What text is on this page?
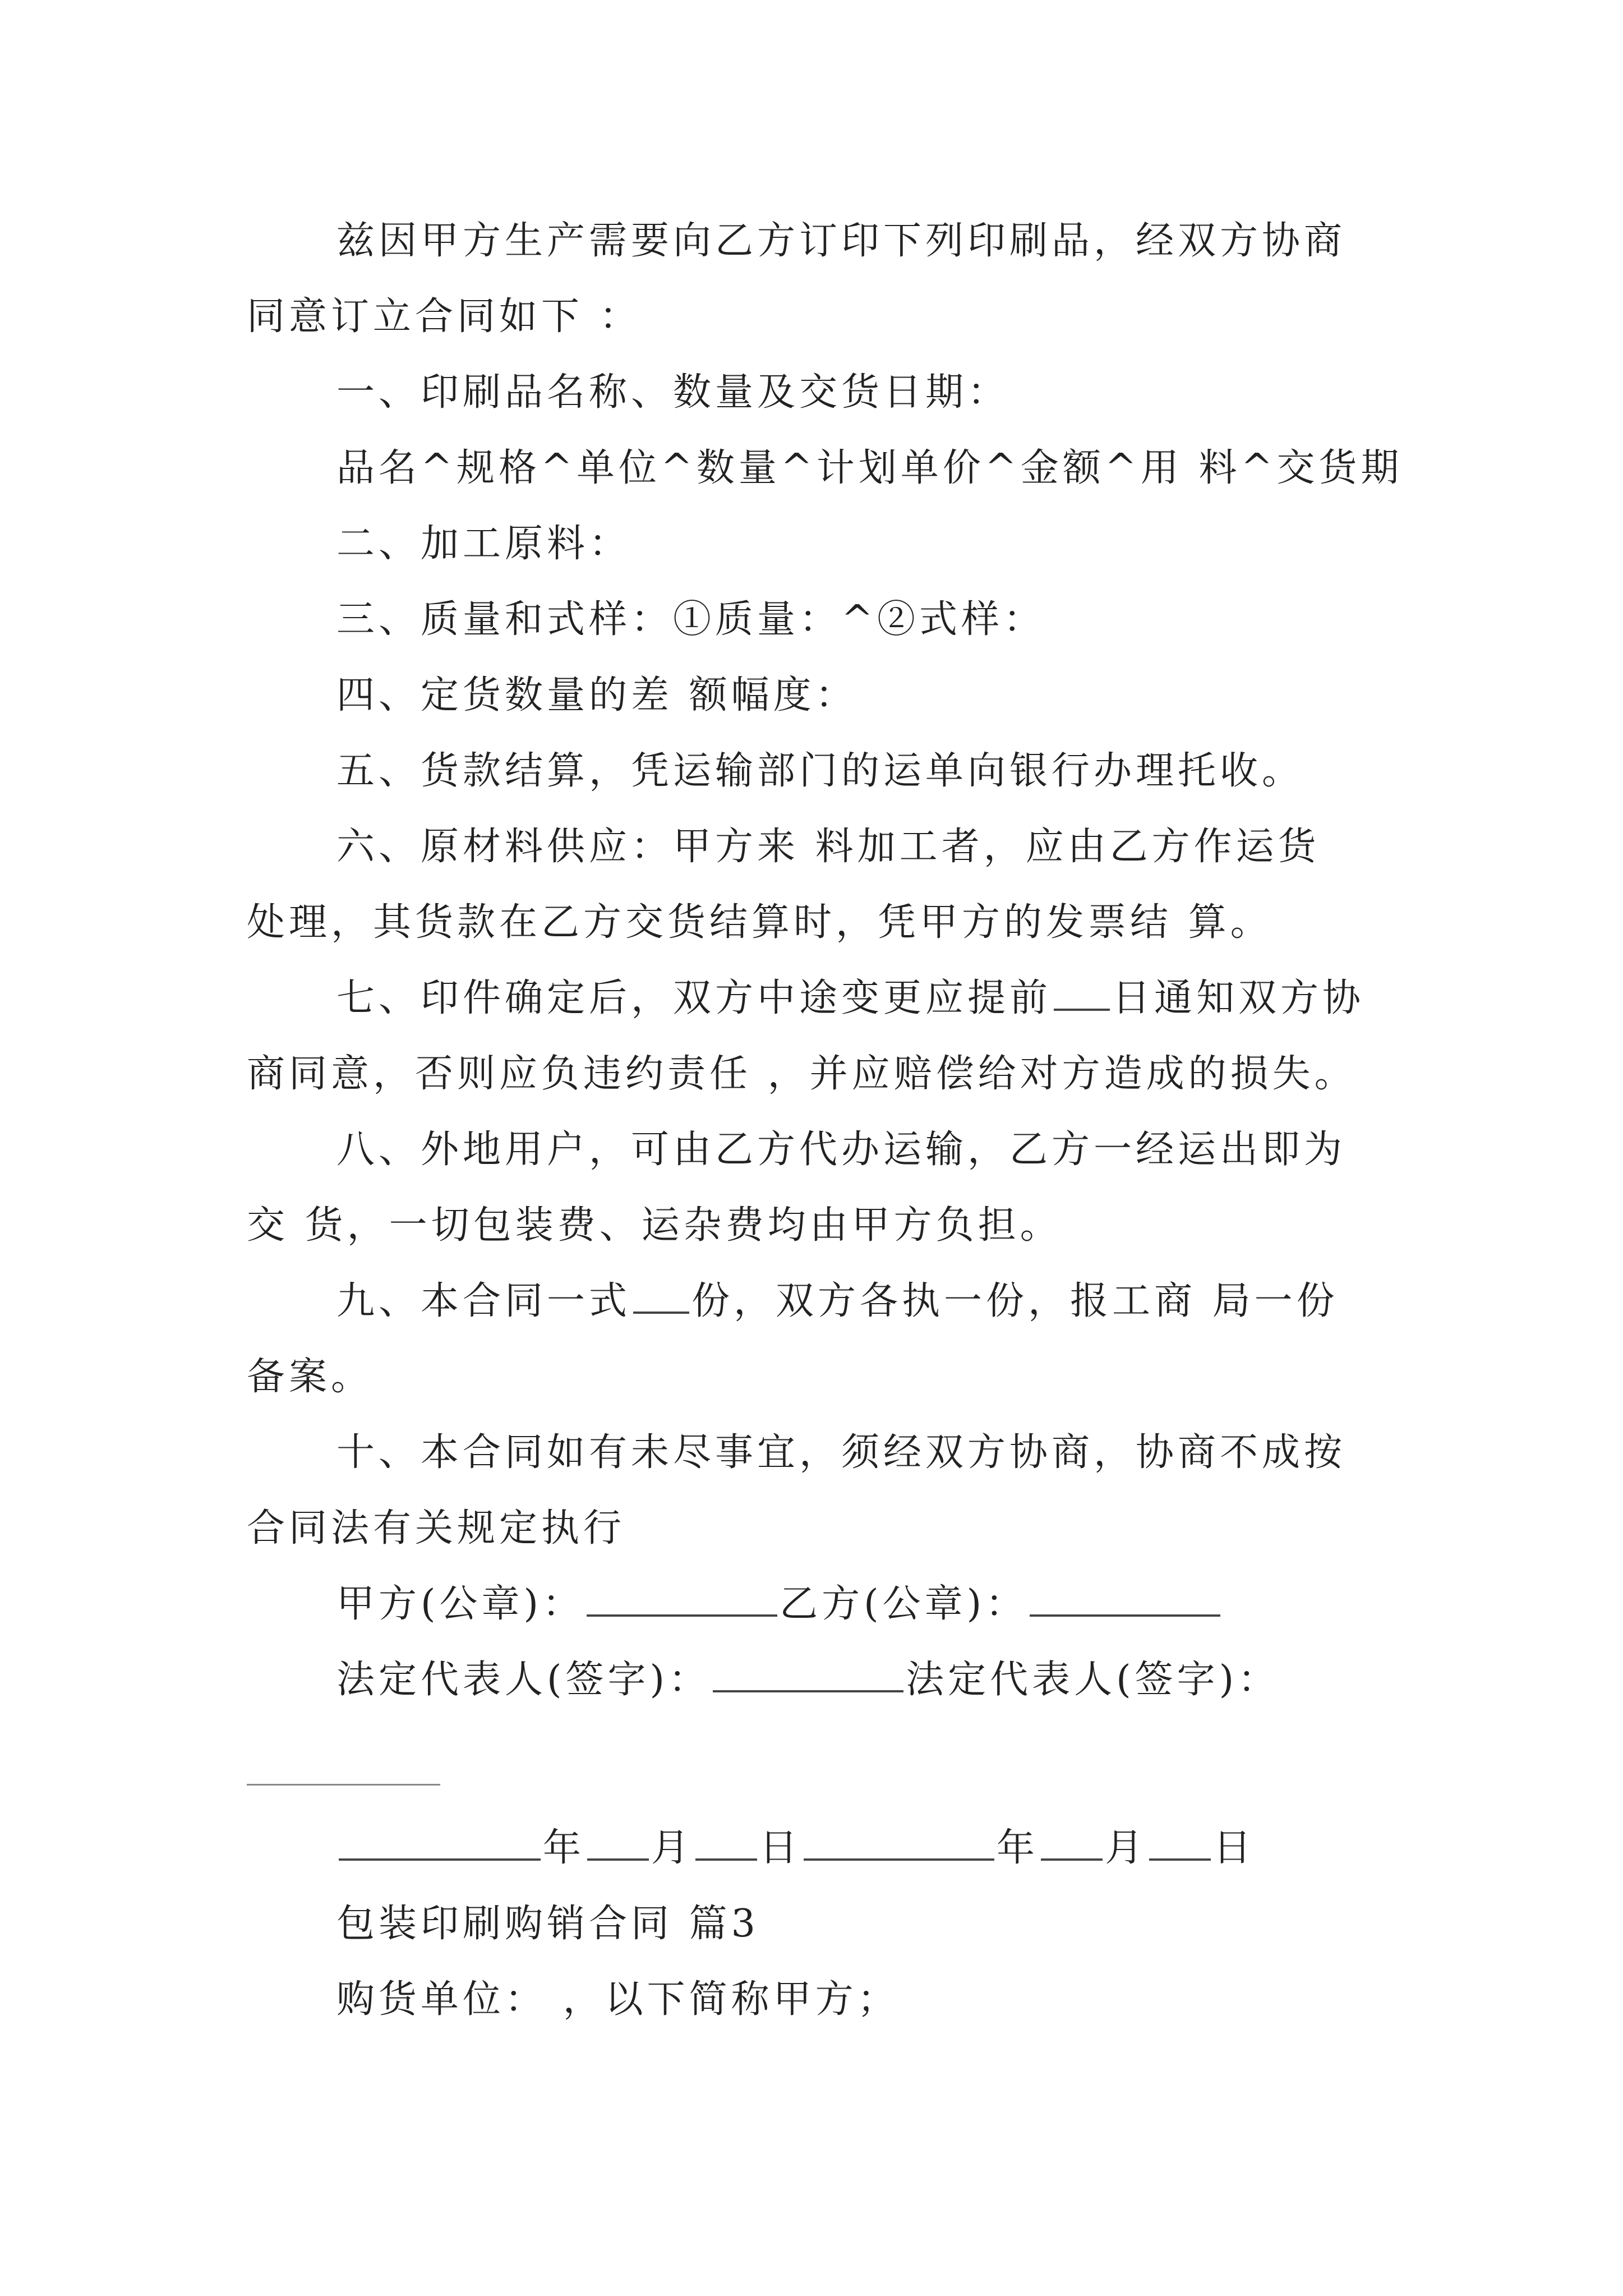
兹因甲方生产需要向乙方订印下列印刷品，经双方协商
同意订立合同如下 ：
一、印刷品名称、数量及交货日期：
品名^规格^单位^数量^计划单价^金额^用 料^交货期
二、加工原料：
三、质量和式样：①质量：^②式样：
四、定货数量的差 额幅度：
五、货款结算，凭运输部门的运单向银行办理托收。
六、原材料供应：甲方来 料加工者，应由乙方作运货
处理，其货款在乙方交货结算时，凭甲方的发票结 算。
七、印件确定后，双方中途变更应提前 日通知双方协
商同意，否则应负违约责任 ，并应赔偿给对方造成的损失。
八、外地用户，可由乙方代办运输，乙方一经运出即为
交 货，一切包装费、运杂费均由甲方负担。
九、本合同一式 份，双方各执一份，报工商 局一份
备案。
十、本合同如有未尽事宜，须经双方协商，协商不成按
合同法有关规定执行
甲方(公章)：	乙方(公章)：
法定代表人(签字)：	法定代表人(签字)：
年 月 日	年 月 日
包装印刷购销合同 篇3
购货单位： ，以下简称甲方；
